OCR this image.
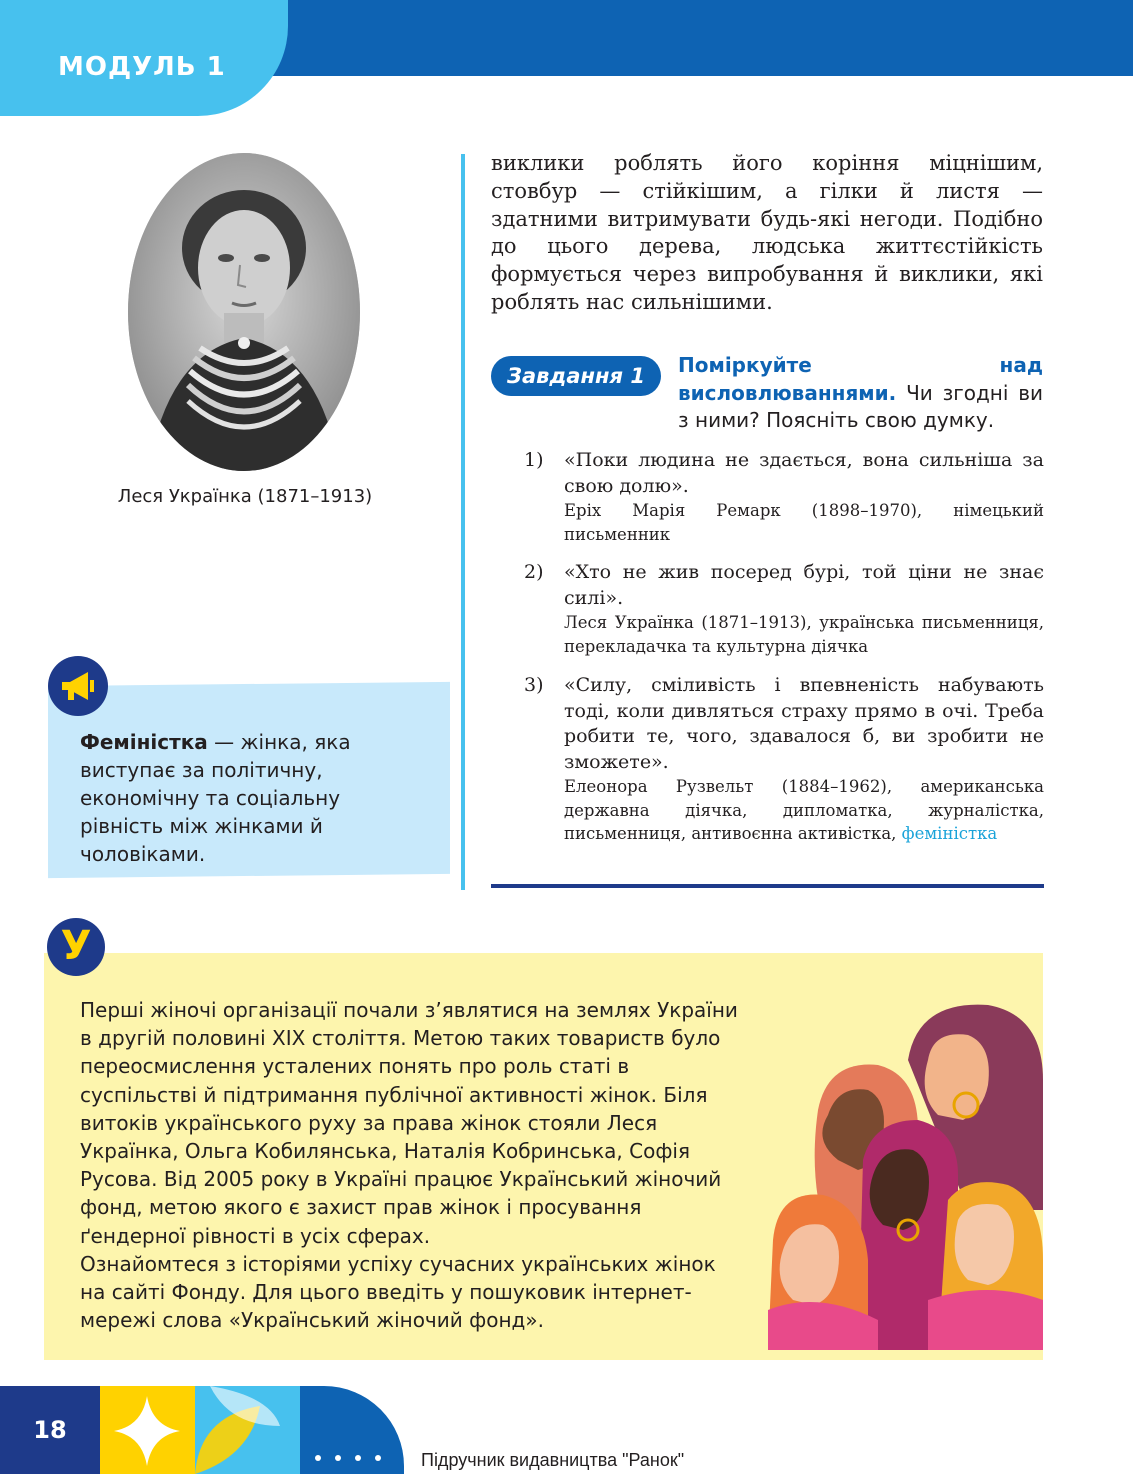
МОДУЛЬ 1
Леся Українка (1871–1913)
виклики роблять його коріння міцнішим, стовбур — стійкішим, а гілки й листя — здатними витримувати будь-які негоди. Подібно до цього дерева, людська життєстійкість формується через випробування й виклики, які роблять нас сильнішими.
Завдання 1	Поміркуйте над висловлюваннями. Чи згодні ви з ними? Поясніть свою думку.
1) «Поки людина не здається, вона сильніша за свою долю».
Еріх Марія Ремарк (1898–1970), німецький письменник
2) «Хто не жив посеред бурі, той ціни не знає силі».
Леся Українка (1871–1913), українська письменниця, перекладачка та культурна діячка
3) «Силу, сміливість і впевненість набувають тоді, коли дивляться страху прямо в очі. Треба робити те, чого, здавалося б, ви зробити не зможете».
Елеонора Рузвельт (1884–1962), американська державна діячка, дипломатка, журналістка, письменниця, антивоєнна активістка, феміністка
Феміністка — жінка, яка виступає за політичну, економічну та соціальну рівність між жінками й чоловіками.
У
Перші жіночі організації почали з’являтися на землях України в другій половині XIX століття. Метою таких товариств було переосмислення усталених понять про роль статі в суспільстві й підтримання публічної активності жінок. Біля витоків українського руху за права жінок стояли Леся Українка, Ольга Кобилянська, Наталія Кобринська, Софія Русова. Від 2005 року в Україні працює Український жіночий фонд, метою якого є захист прав жінок і просування ґендерної рівності в усіх сферах.
Ознайомтеся з історіями успіху сучасних українських жінок на сайті Фонду. Для цього введіть у пошуковик інтернет-мережі слова «Український жіночий фонд».
18
Підручник видавництва "Ранок"
